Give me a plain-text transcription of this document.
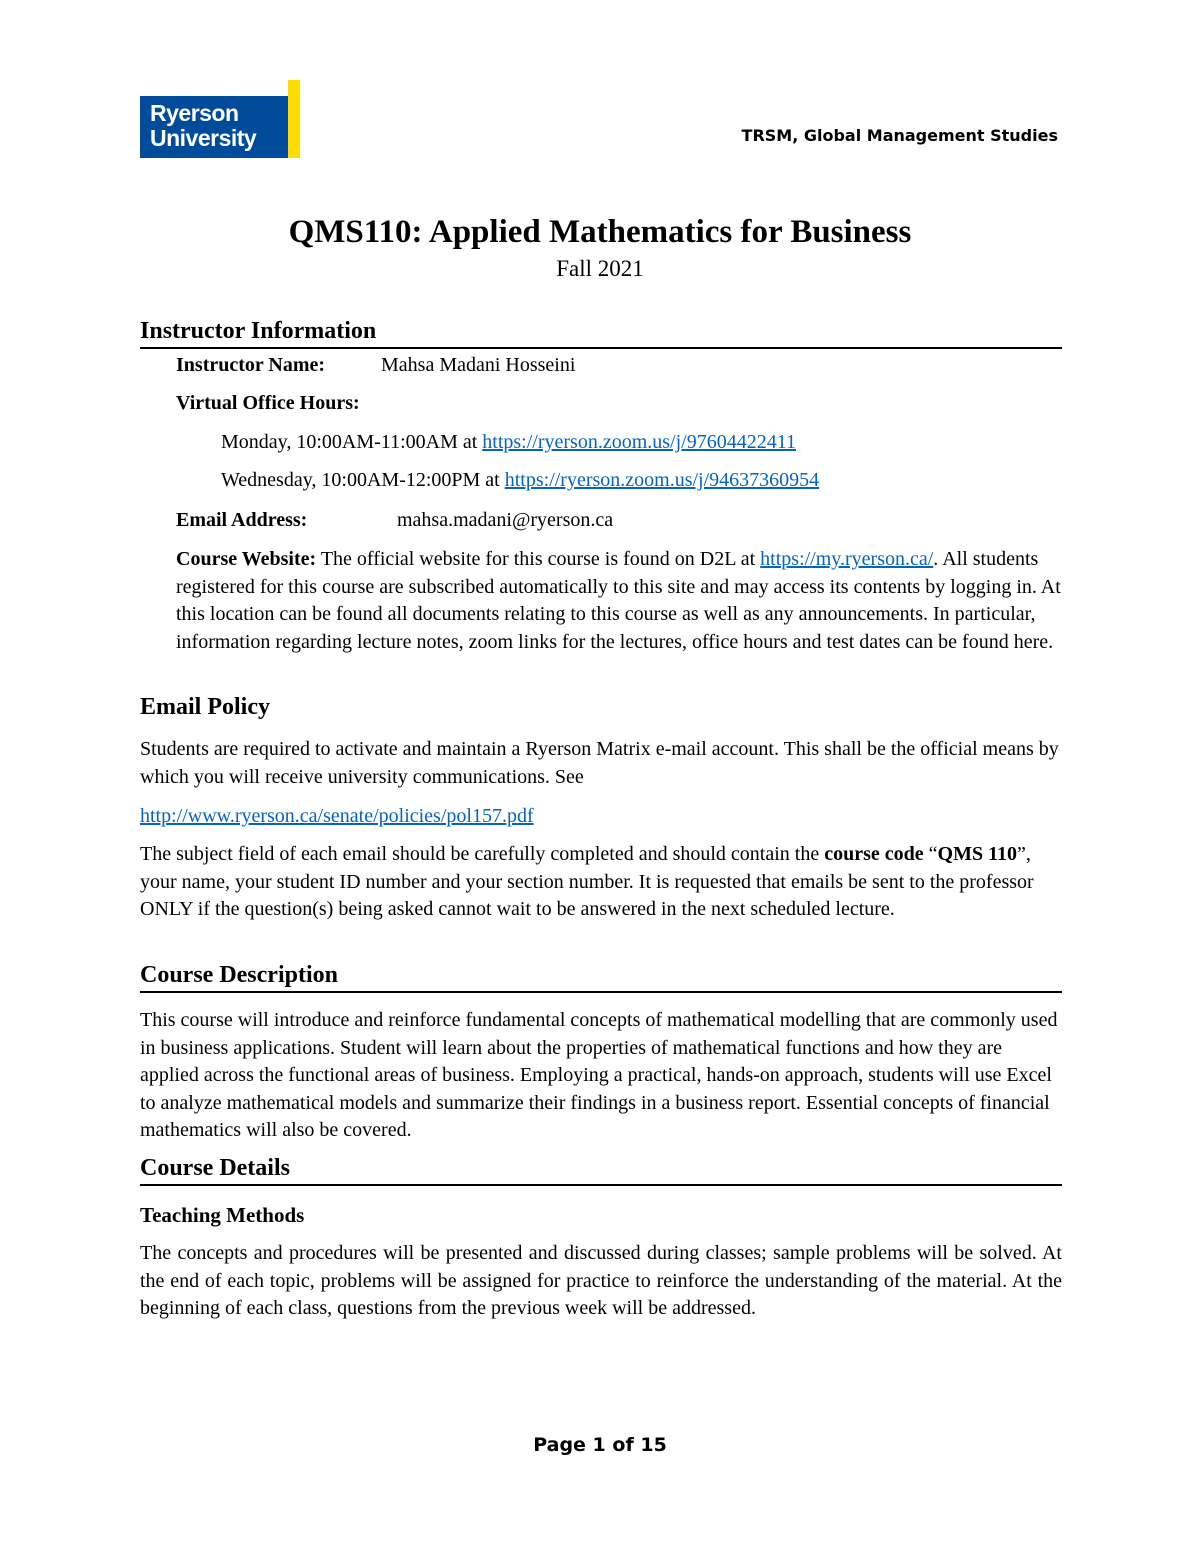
Ryerson
University	TRSM, Global Management Studies
QMS110: Applied Mathematics for Business
Fall 2021
Instructor Information
Instructor Name:	Mahsa Madani Hosseini
Virtual Office Hours:
Monday, 10:00AM-11:00AM at https://ryerson.zoom.us/j/97604422411
Wednesday, 10:00AM-12:00PM at https://ryerson.zoom.us/j/94637360954
Email Address:	mahsa.madani@ryerson.ca
Course Website: The official website for this course is found on D2L at https://my.ryerson.ca/. All students registered for this course are subscribed automatically to this site and may access its contents by logging in. At this location can be found all documents relating to this course as well as any announcements. In particular, information regarding lecture notes, zoom links for the lectures, office hours and test dates can be found here.
Email Policy
Students are required to activate and maintain a Ryerson Matrix e-mail account. This shall be the official means by which you will receive university communications. See
http://www.ryerson.ca/senate/policies/pol157.pdf
The subject field of each email should be carefully completed and should contain the course code “QMS 110”, your name, your student ID number and your section number. It is requested that emails be sent to the professor ONLY if the question(s) being asked cannot wait to be answered in the next scheduled lecture.
Course Description
This course will introduce and reinforce fundamental concepts of mathematical modelling that are commonly used in business applications. Student will learn about the properties of mathematical functions and how they are applied across the functional areas of business. Employing a practical, hands-on approach, students will use Excel to analyze mathematical models and summarize their findings in a business report. Essential concepts of financial mathematics will also be covered.
Course Details
Teaching Methods
The concepts and procedures will be presented and discussed during classes; sample problems will be solved. At the end of each topic, problems will be assigned for practice to reinforce the understanding of the material. At the beginning of each class, questions from the previous week will be addressed.
Page 1 of 15
